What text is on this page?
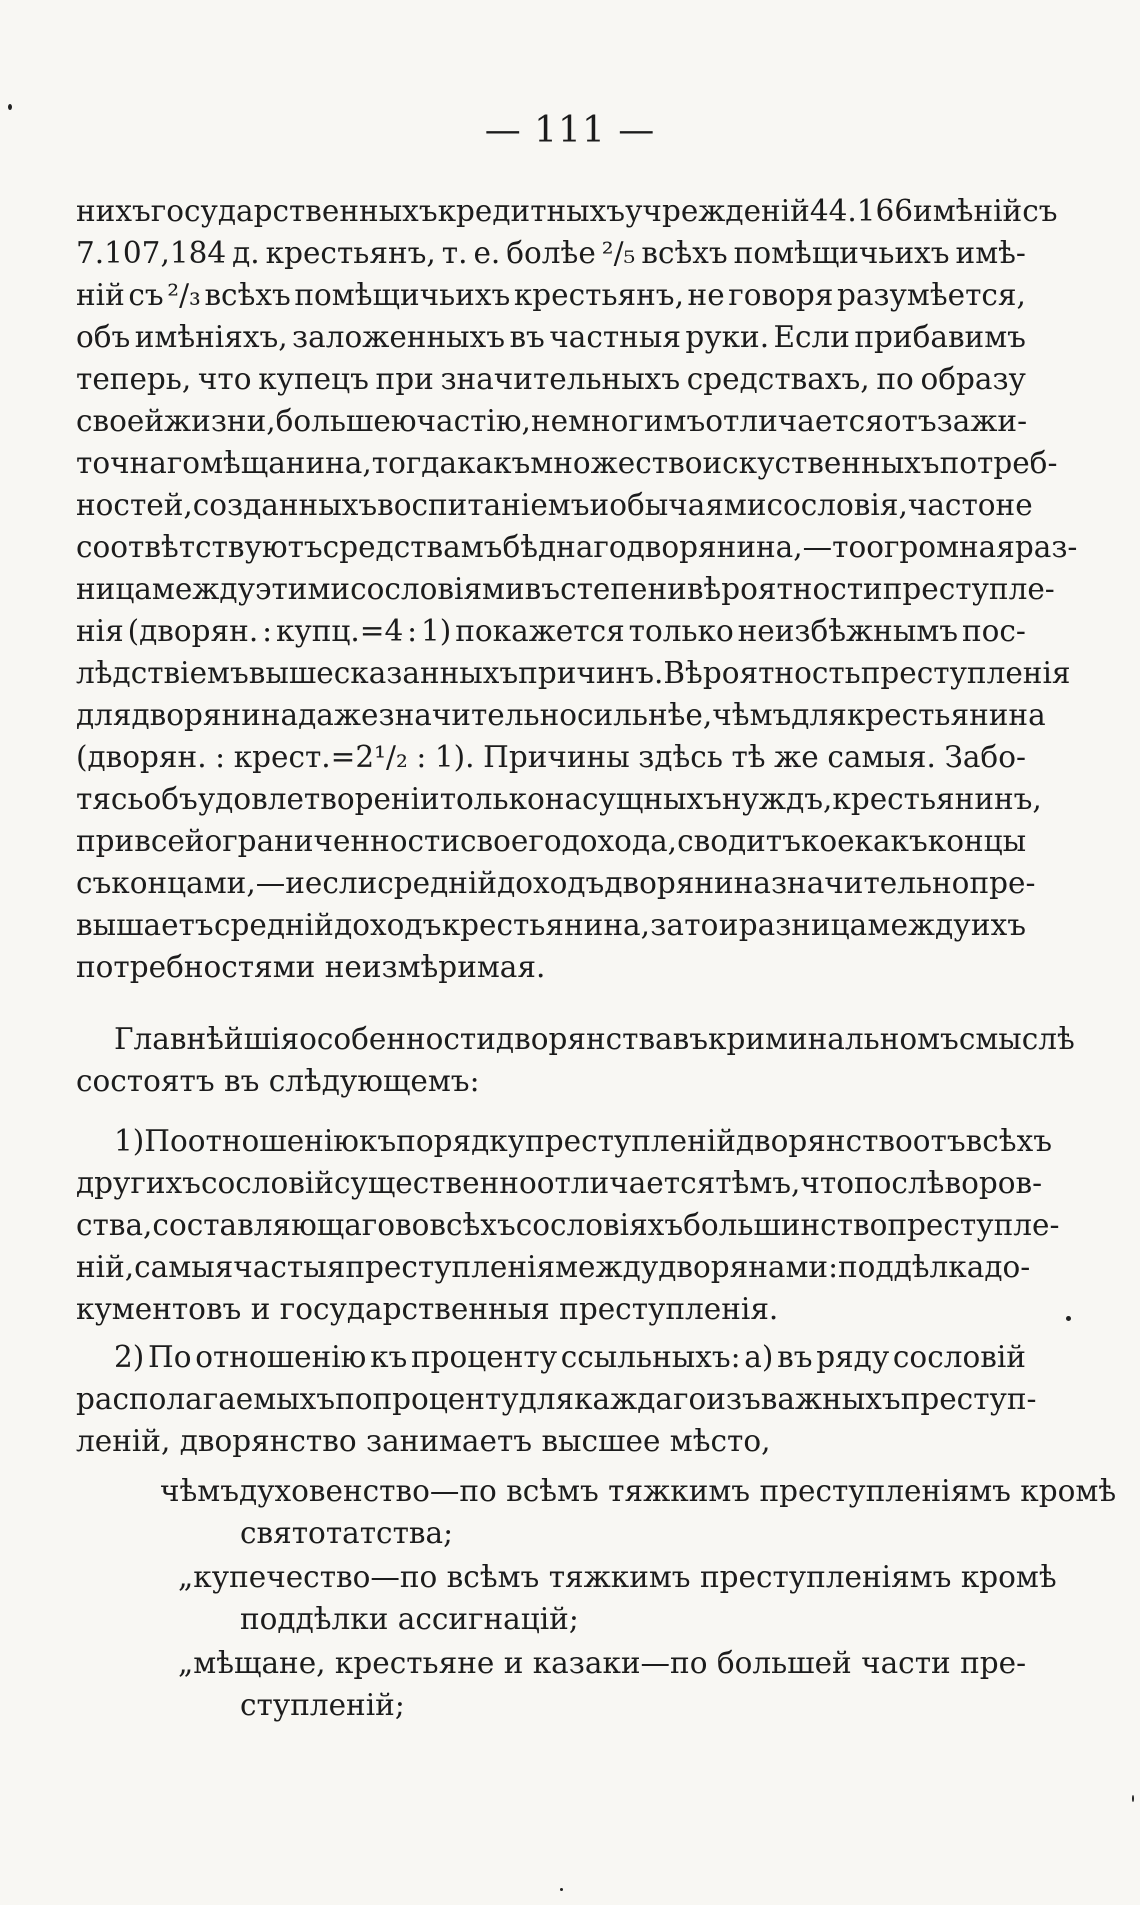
— 111 —
нихъ государственныхъ кредитныхъ учрежденій 44.166 имѣній съ
7.107,184 д. крестьянъ, т. е. болѣе ²/₅ всѣхъ помѣщичьихъ имѣ-
ній съ ²/₃ всѣхъ помѣщичьихъ крестьянъ, не говоря разумѣется,
объ имѣніяхъ, заложенныхъ въ частныя руки. Если прибавимъ
теперь, что купецъ при значительныхъ средствахъ, по образу
своей жизни, большею частію, немногимъ отличается отъ зажи-
точнаго мѣщанина, тогда какъ множество искуственныхъ потреб-
ностей, созданныхъ воспитаніемъ и обычаями сословія, часто не
соотвѣтствуютъ средствамъ бѣднаго дворянина,—то огромная раз-
ница между этими сословіями въ степени вѣроятности преступле-
нія (дворян. : купц.=4 : 1) покажется только неизбѣжнымъ пос-
лѣдствіемъ вышесказанныхъ причинъ. Вѣроятность преступленія
для дворянина даже значительно сильнѣе, чѣмъ для крестьянина
(дворян. : крест.=2¹/₂ : 1). Причины здѣсь тѣ же самыя. Забо-
тясь объ удовлетвореніи только насущныхъ нуждъ, крестьянинъ,
при всей ограниченности своего дохода, сводитъ кое какъ концы
съ концами,—и если средній доходъ дворянина значительно пре-
вышаетъ средній доходъ крестьянина, за то и разница между ихъ
потребностями неизмѣримая.
Главнѣйшія особенности дворянства въ криминальномъ смыслѣ
состоятъ въ слѣдующемъ:
1) По отношенію къ порядку преступленій дворянство отъ всѣхъ
другихъ сословій существенно отличается тѣмъ, что послѣ воров-
ства, составляющаго во всѣхъ сословіяхъ большинство преступле-
ній, самыя частыя преступленія между дворянами: поддѣлка до-
кументовъ и государственныя преступленія.
2) По отношенію къ проценту ссыльныхъ: а) въ ряду сословій
располагаемыхъ по проценту для каждаго изъ важныхъ преступ-
леній, дворянство занимаетъ высшее мѣсто,
чѣмъ духовенство—по всѣмъ тяжкимъ преступленіямъ кромѣ
святотатства;
„ купечество—по всѣмъ тяжкимъ преступленіямъ кромѣ
поддѣлки ассигнацій;
„ мѣщане, крестьяне и казаки—по большей части пре-
ступленій;
